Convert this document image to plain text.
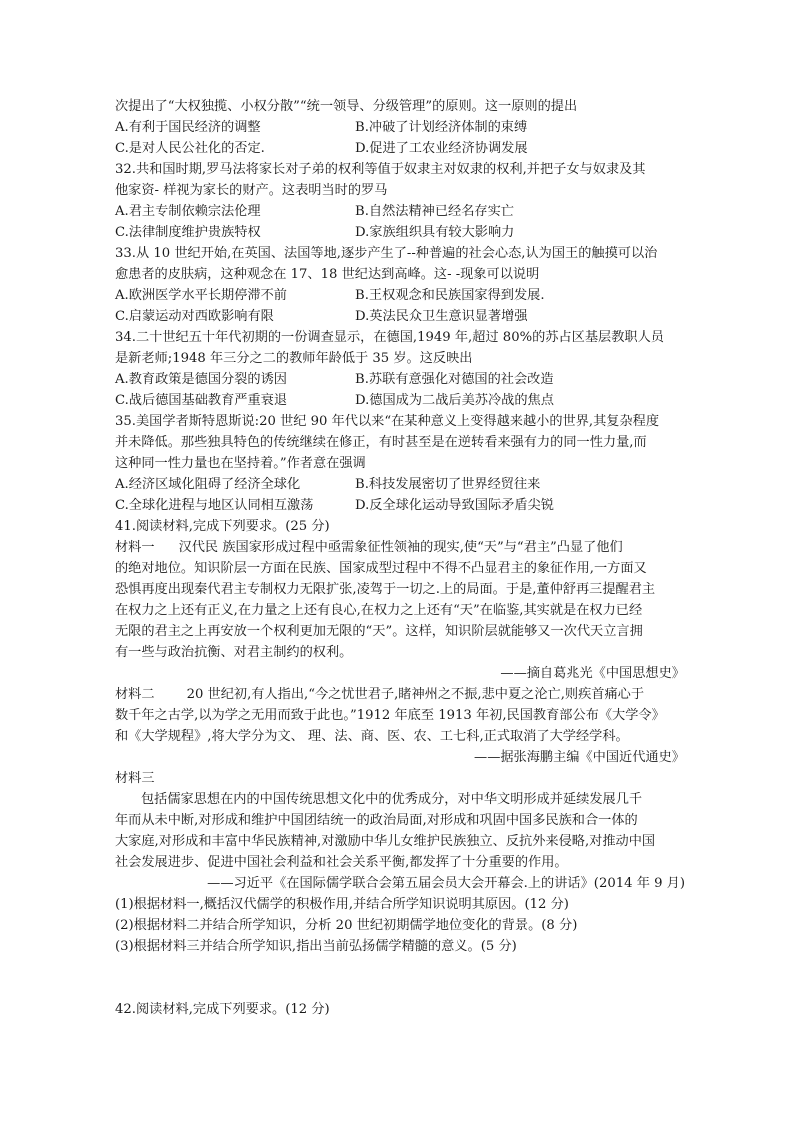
次提出了“大权独揽、小权分散”“统一领导、分级管理”的原则。这一原则的提出
A.有利于国民经济的调整	B.冲破了计划经济体制的束缚
C.是对人民公社化的否定.	D.促进了工农业经济协调发展
32.共和国时期,罗马法将家长对子弟的权利等值于奴隶主对奴隶的权利,并把子女与奴隶及其
他家资- 样视为家长的财产。这表明当时的罗马
A.君主专制依赖宗法伦理	B.自然法精神已经名存实亡
C.法律制度维护贵族特权	D.家族组织具有较大影响力
33.从 10 世纪开始,在英国、法国等地,逐步产生了--种普遍的社会心态,认为国王的触摸可以治
愈患者的皮肤病，这种观念在 17、18 世纪达到高峰。这- -现象可以说明
A.欧洲医学水平长期停滞不前	B.王权观念和民族国家得到发展.
C.启蒙运动对西欧影响有限	D.英法民众卫生意识显著增强
34.二十世纪五十年代初期的一份调查显示，在德国,1949 年,超过 80%的苏占区基层教职人员
是新老师;1948 年三分之二的教师年龄低于 35 岁。这反映出
A.教育政策是德国分裂的诱因	B.苏联有意强化对德国的社会改造
C.战后德国基础教育严重衰退	D.德国成为二战后美苏冷战的焦点
35.美国学者斯特恩斯说:20 世纪 90 年代以来“在某种意义上变得越来越小的世界,其复杂程度
并未降低。那些独具特色的传统继续在修正，有时甚至是在逆转看来强有力的同一性力量,而
这种同一性力量也在坚持着。”作者意在强调
A.经济区域化阻碍了经济全球化	B.科技发展密切了世界经贸往来
C.全球化进程与地区认同相互激荡	D.反全球化运动导致国际矛盾尖锐
41.阅读材料,完成下列要求。(25 分)
材料一 汉代民 族国家形成过程中亟需象征性领袖的现实,使“天”与“君主”凸显了他们
的绝对地位。知识阶层一方面在民族、国家成型过程中不得不凸显君主的象征作用,一方面又
恐惧再度出现秦代君主专制权力无限扩张,凌驾于一切之.上的局面。于是,董仲舒再三提醒君主
在权力之上还有正义,在力量之上还有良心,在权力之上还有“天”在临鉴,其实就是在权力已经
无限的君主之上再安放一个权利更加无限的“天”。这样，知识阶层就能够又一次代天立言拥
有一些与政治抗衡、对君主制约的权利。
——摘自葛兆光《中国思想史》
材料二 20 世纪初,有人指出,“今之忧世君子,睹神州之不振,悲中夏之沦亡,则疾首痛心于
数千年之古学,以为学之无用而致于此也。”1912 年底至 1913 年初,民国教育部公布《大学令》
和《大学规程》,将大学分为文、 理、法、商、医、农、工七科,正式取消了大学经学科。
——据张海鹏主编《中国近代通史》
材料三
包括儒家思想在内的中国传统思想文化中的优秀成分，对中华文明形成并延续发展几千
年而从未中断,对形成和维护中国团结统一的政治局面,对形成和巩固中国多民族和合一体的
大家庭,对形成和丰富中华民族精神,对激励中华儿女维护民族独立、反抗外来侵略,对推动中国
社会发展进步、促进中国社会利益和社会关系平衡,都发挥了十分重要的作用。
——习近平《在国际儒学联合会第五届会员大会开幕会.上的讲话》(2014 年 9 月)
(1)根据材料一,概括汉代儒学的积极作用,并结合所学知识说明其原因。(12 分)
(2)根据材料二并结合所学知识，分析 20 世纪初期儒学地位变化的背景。(8 分)
(3)根据材料三并结合所学知识,指出当前弘扬儒学精髓的意义。(5 分)
42.阅读材料,完成下列要求。(12 分)
